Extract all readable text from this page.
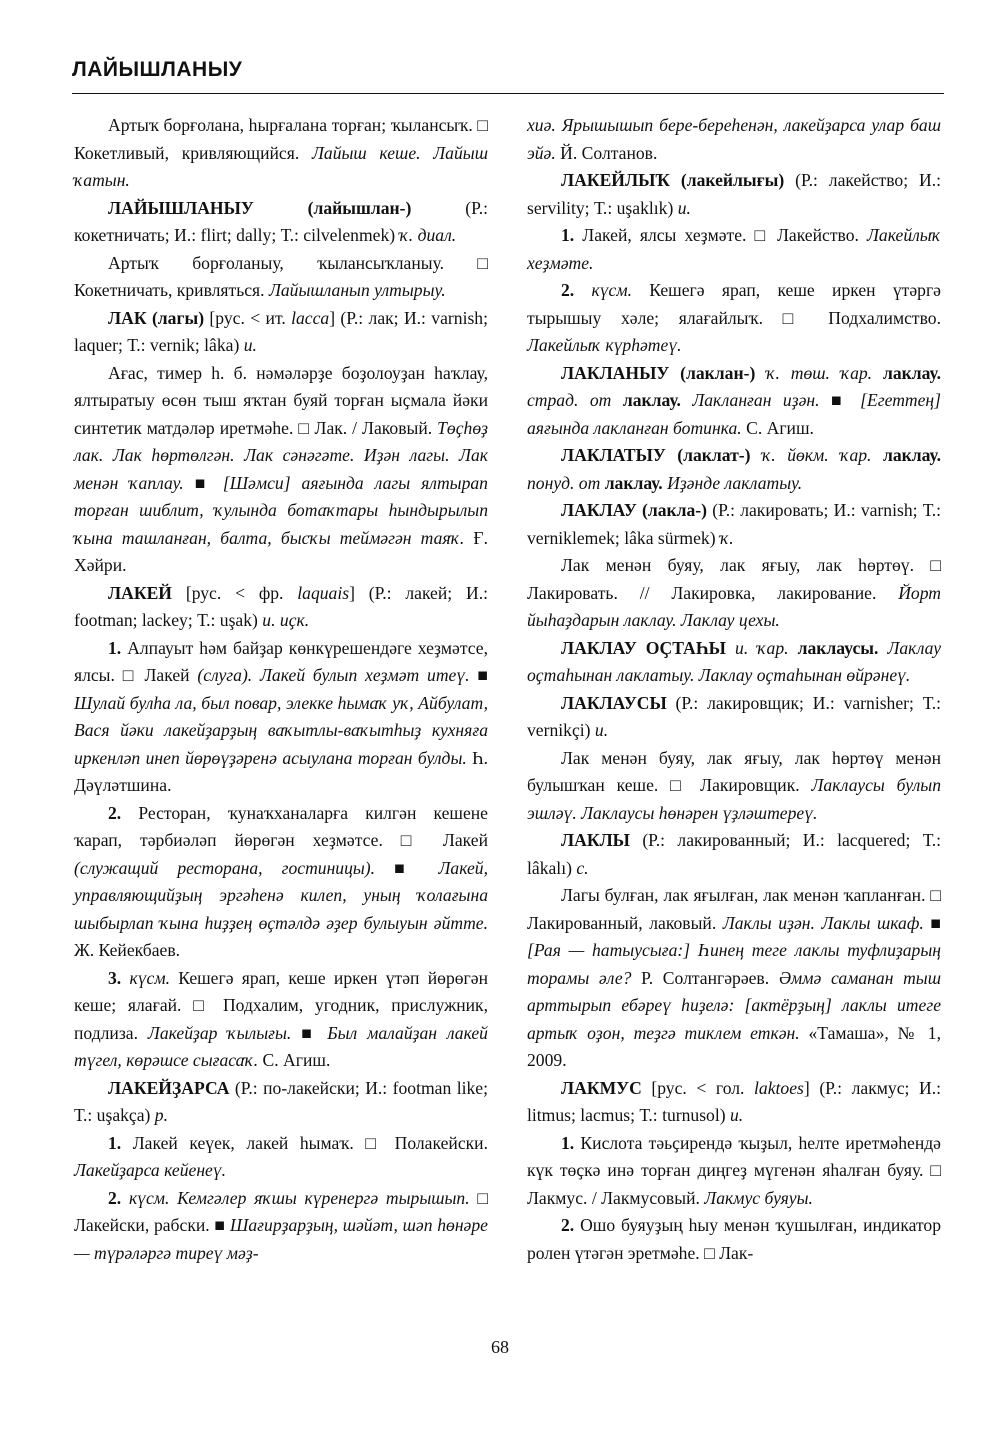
ЛАЙЫШЛАНЫУ

Артыҡ борғолана, һырғалана торған; ҡылансыҡ. □ Кокетливый, кривляющийся. Лайыш кеше. Лайыш ҡатын.

ЛАЙЫШЛАНЫУ (лайышлан-) (Р.: кокетничать; И.: flirt; dally; Т.: cilvelenmek) ҡ. диал.

Артыҡ борғоланыу, ҡылансыҡланыу. □ Кокетничать, кривляться. Лайышланып ултырыу.

ЛАК (лагы) [рус. < ит. lacca] (Р.: лак; И.: varnish; laquer; Т.: vernik; lâka) и.

Ағас, тимер һ. б. нәмәләрҙе боҙолоуҙан һаҡлау, ялтыратыу өсөн тыш яҡтан буяй торған ыҫмала йәки синтетик матдәләр иретмәһе. □ Лак. / Лаковый. Төҫһөҙ лак. Лак һөртөлгән. Лак сәнәгәте. Иҙән лагы. Лак менән ҡаплау. ■ [Шәмси] аяғында лагы ялтырап торған шиблит, ҡулында ботаҡтары һындырылып ҡына ташланған, балта, бысҡы теймәгән таяҡ. Ғ. Хәйри.

ЛАКЕЙ [рус. < фр. laquais] (Р.: лакей; И.: footman; lackey; Т.: uşak) и. иҫк.

1. Алпауыт һәм байҙар көнкүрешендәге хеҙмәтсе, ялсы. □ Лакей (слуга). Лакей булып хеҙмәт итеү. ■ Шулай булһа ла, был повар, элекке һымаҡ уҡ, Айбулат, Вася йәки лакейҙарҙың ваҡытлы-ваҡытһыҙ кухняға иркенләп инеп йөрөүҙәренә асыулана торған булды. Һ. Дәүләтшина.

2. Ресторан, ҡунаҡханаларға килгән кешене ҡарап, тәрбиәләп йөрөгән хеҙмәтсе. □ Лакей (служащий ресторана, гостиницы). ■ Лакей, управляющийҙың эргәһенә килеп, уның ҡолағына шыбырлап ҡына һиҙҙең өҫтәлдә әҙер булыуын әйтте. Ж. Кейекбаев.

3. күсм. Кешегә ярап, кеше иркен үтәп йөрөгән кеше; ялағай. □ Подхалим, угодник, прислужник, подлиза. Лакейҙар ҡылығы. ■ Был малайҙан лакей түгел, көрәшсе сығасаҡ. С. Агиш.

ЛАКЕЙҘАРСА (Р.: по-лакейски; И.: footman like; Т.: uşakça) р.

1. Лакей кеүек, лакей һымаҡ. □ Полакейски. Лакейҙарса кейенеү.

2. күсм. Кемгәлер яҡшы күренергә тырышып. □ Лакейски, рабски. ■ Шағирҙарҙың, шәйәт, шәп һөнәре — түрәләргә тиреү мәҙ-

хиә. Ярышышып бере-береһенән, лакейҙарса улар баш эйә. Й. Солтанов.

ЛАКЕЙЛЫҠ (лакейлығы) (Р.: лакейство; И.: servility; Т.: uşaklık) и.

1. Лакей, ялсы хеҙмәте. □ Лакейство. Лакейлыҡ хеҙмәте.

2. күсм. Кешегә ярап, кеше иркен үтәргә тырышыу хәле; ялағайлыҡ. □ Подхалимство. Лакейлыҡ күрһәтеү.

ЛАКЛАНЫУ (лаклан-) ҡ. төш. ҡар. лаклау. страд. от лаклау. Лакланған иҙән. ■ [Егеттең] аяғында лакланған ботинка. С. Агиш.

ЛАКЛАТЫУ (лаклат-) ҡ. йөкм. ҡар. лаклау. понуд. от лаклау. Иҙәнде лаклатыу.

ЛАКЛАУ (лакла-) (Р.: лакировать; И.: varnish; Т.: verniklemek; lâka sürmek) ҡ.

Лак менән буяу, лак яғыу, лак һөртөү. □ Лакировать. // Лакировка, лакирование. Йорт йыһаҙдарын лаклау. Лаклау цехы.

ЛАКЛАУ ОҪТАҺЫ и. ҡар. лаклаусы. Лаклау оҫтаһынан лаклатыу. Лаклау оҫтаһынан өйрәнеү.

ЛАКЛАУСЫ (Р.: лакировщик; И.: varnisher; Т.: vernikçi) и.

Лак менән буяу, лак яғыу, лак һөртөү менән булышҡан кеше. □ Лакировщик. Лаклаусы булып эшләү. Лаклаусы һөнәрен үҙләштереү.

ЛАКЛЫ (Р.: лакированный; И.: lacquered; Т.: lâkalı) с.

Лагы булған, лак яғылған, лак менән ҡапланған. □ Лакированный, лаковый. Лаклы иҙән. Лаклы шкаф. ■ [Рая — һатыусыға:] Һинең теге лаклы туфлиҙарың торамы әле? Р. Солтангәрәев. Әммә саманан тыш арттырып ебәреү һиҙелә: [актёрҙың] лаклы итеге артыҡ оҙон, теҙгә тиклем еткән. «Тамаша», № 1, 2009.

ЛАКМУС [рус. < гол. laktoes] (Р.: лакмус; И.: litmus; lacmus; Т.: turnusol) и.

1. Кислота тәьҫирендә ҡыҙыл, һелте иретмәһендә күк төҫкә инә торған диңгеҙ мүгенән яһалған буяу. □ Лакмус. / Лакмусовый. Лакмус буяуы.

2. Ошо буяуҙың һыу менән ҡушылған, индикатор ролен үтәгән эретмәһе. □ Лак-

68
